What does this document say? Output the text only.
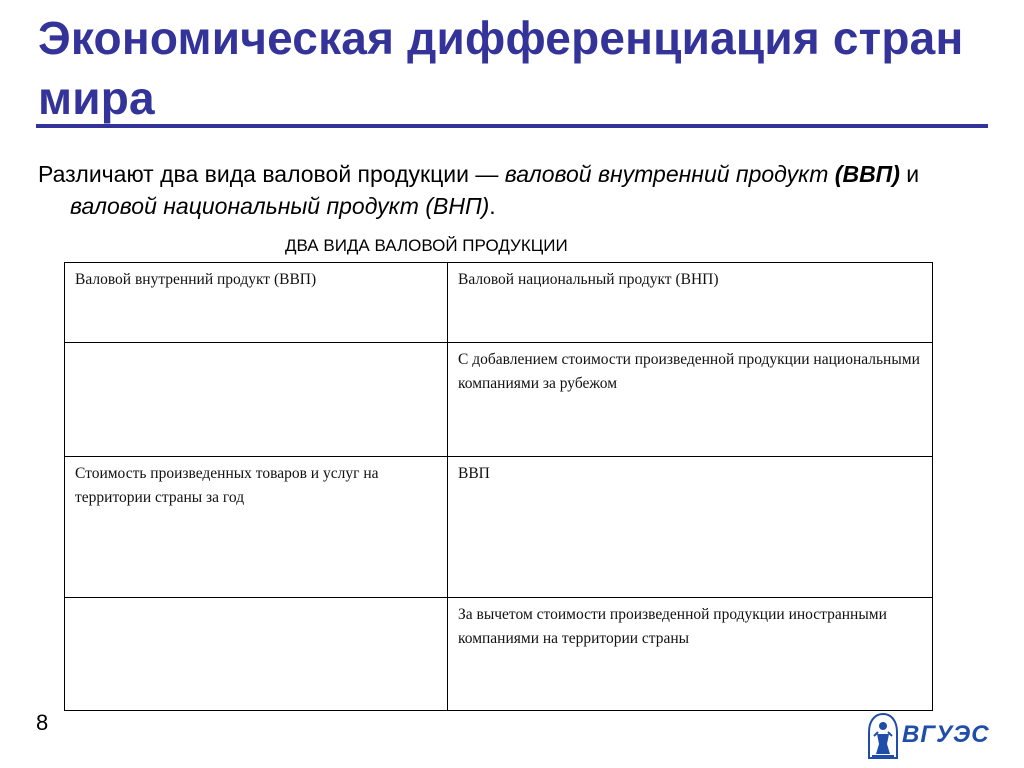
Экономическая дифференциация стран мира

Различают два вида валовой продукции — валовой внутренний продукт (ВВП) и валовой национальный продукт (ВНП).

ДВА ВИДА ВАЛОВОЙ ПРОДУКЦИИ

Валовой внутренний продукт (ВВП)	Валовой национальный продукт (ВНП)
	С добавлением стоимости произведенной продукции национальными компаниями за рубежом
Стоимость произведенных товаров и услуг на территории страны за год	ВВП
	За вычетом стоимости произведенной продукции иностранными компаниями на территории страны
8	ВГУЭС
